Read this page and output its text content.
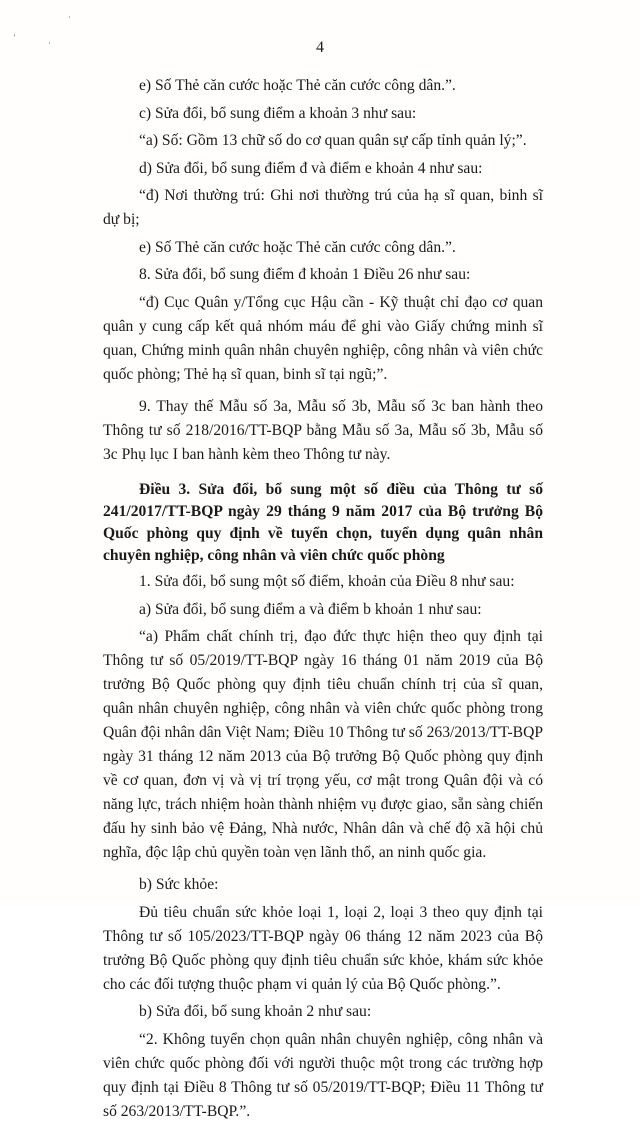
'
·
·	4

e) Số Thẻ căn cước hoặc Thẻ căn cước công dân.”.

c) Sửa đổi, bổ sung điểm a khoản 3 như sau:

“a) Số: Gồm 13 chữ số do cơ quan quân sự cấp tỉnh quản lý;”.

d) Sửa đổi, bổ sung điểm đ và điểm e khoản 4 như sau:

“đ) Nơi thường trú: Ghi nơi thường trú của hạ sĩ quan, binh sĩ dự bị;

e) Số Thẻ căn cước hoặc Thẻ căn cước công dân.”.

8. Sửa đổi, bổ sung điểm đ khoản 1 Điều 26 như sau:

“đ) Cục Quân y/Tổng cục Hậu cần - Kỹ thuật chỉ đạo cơ quan quân y cung cấp kết quả nhóm máu để ghi vào Giấy chứng minh sĩ quan, Chứng minh quân nhân chuyên nghiệp, công nhân và viên chức quốc phòng; Thẻ hạ sĩ quan, binh sĩ tại ngũ;”.

9. Thay thế Mẫu số 3a, Mẫu số 3b, Mẫu số 3c ban hành theo Thông tư số 218/2016/TT-BQP bằng Mẫu số 3a, Mẫu số 3b, Mẫu số 3c Phụ lục I ban hành kèm theo Thông tư này.

Điều 3. Sửa đổi, bổ sung một số điều của Thông tư số 241/2017/TT-BQP ngày 29 tháng 9 năm 2017 của Bộ trưởng Bộ Quốc phòng quy định về tuyển chọn, tuyển dụng quân nhân chuyên nghiệp, công nhân và viên chức quốc phòng

1. Sửa đổi, bổ sung một số điểm, khoản của Điều 8 như sau:

a) Sửa đổi, bổ sung điểm a và điểm b khoản 1 như sau:

“a) Phẩm chất chính trị, đạo đức thực hiện theo quy định tại Thông tư số 05/2019/TT-BQP ngày 16 tháng 01 năm 2019 của Bộ trưởng Bộ Quốc phòng quy định tiêu chuẩn chính trị của sĩ quan, quân nhân chuyên nghiệp, công nhân và viên chức quốc phòng trong Quân đội nhân dân Việt Nam; Điều 10 Thông tư số 263/2013/TT-BQP ngày 31 tháng 12 năm 2013 của Bộ trưởng Bộ Quốc phòng quy định về cơ quan, đơn vị và vị trí trọng yếu, cơ mật trong Quân đội và có năng lực, trách nhiệm hoàn thành nhiệm vụ được giao, sẵn sàng chiến đấu hy sinh bảo vệ Đảng, Nhà nước, Nhân dân và chế độ xã hội chủ nghĩa, độc lập chủ quyền toàn vẹn lãnh thổ, an ninh quốc gia.

b) Sức khỏe:

Đủ tiêu chuẩn sức khỏe loại 1, loại 2, loại 3 theo quy định tại Thông tư số 105/2023/TT-BQP ngày 06 tháng 12 năm 2023 của Bộ trưởng Bộ Quốc phòng quy định tiêu chuẩn sức khỏe, khám sức khỏe cho các đối tượng thuộc phạm vi quản lý của Bộ Quốc phòng.”.

b) Sửa đổi, bổ sung khoản 2 như sau:

“2. Không tuyển chọn quân nhân chuyên nghiệp, công nhân và viên chức quốc phòng đối với người thuộc một trong các trường hợp quy định tại Điều 8 Thông tư số 05/2019/TT-BQP; Điều 11 Thông tư số 263/2013/TT-BQP.”.
